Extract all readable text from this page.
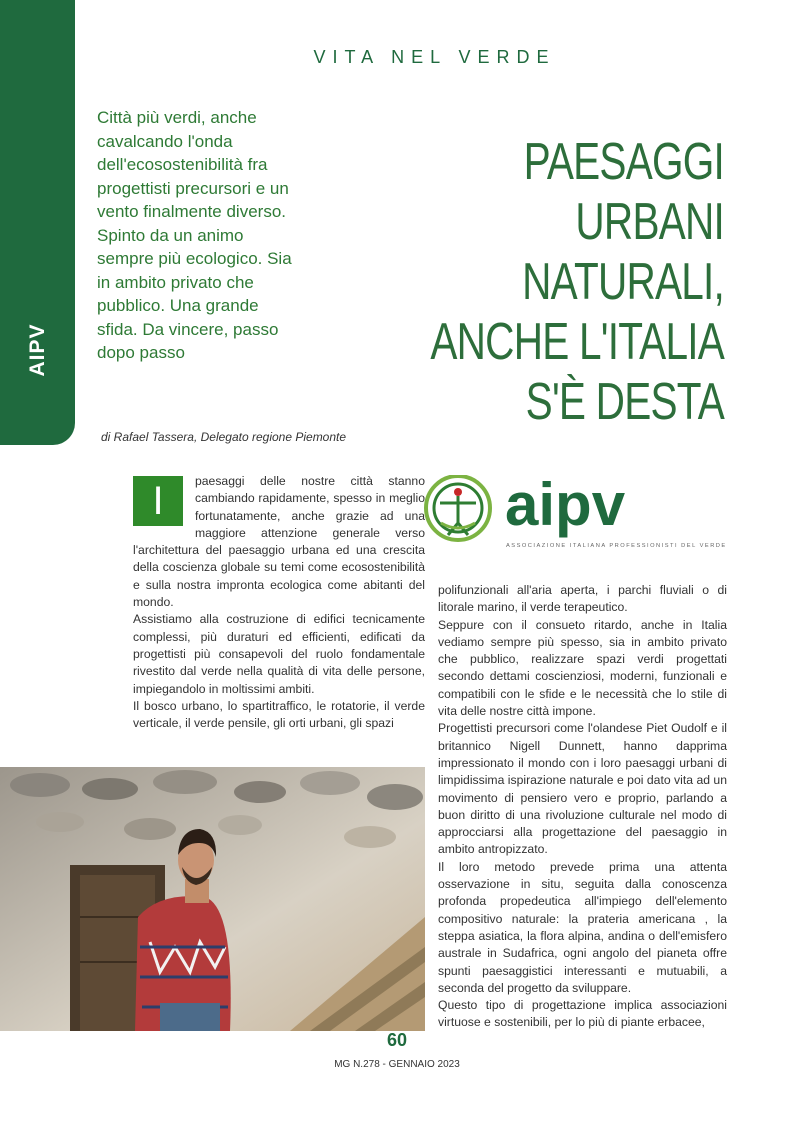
AIPV
VITA NEL VERDE
Città più verdi, anche cavalcando l'onda dell'ecosostenibilità fra progettisti precursori e un vento finalmente diverso. Spinto da un animo sempre più ecologico. Sia in ambito privato che pubblico. Una grande sfida. Da vincere, passo dopo passo
PAESAGGI
URBANI NATURALI,
ANCHE L'ITALIA
S'È DESTA
di Rafael Tassera, Delegato regione Piemonte

I	paesaggi delle nostre città stanno cambiando rapidamente, spesso in meglio fortunatamente, anche grazie ad una maggiore attenzione generale verso l'architettura del paesaggio urbana ed una crescita della coscienza globale su temi come ecosostenibilità e sulla nostra impronta ecologica come abitanti del mondo.

Assistiamo alla costruzione di edifici tecnicamente complessi, più duraturi ed efficienti, edificati da progettisti più consapevoli del ruolo fondamentale rivestito dal verde nella qualità di vita delle persone, impiegandolo in moltissimi ambiti.

Il bosco urbano, lo spartitraffico, le rotatorie, il verde verticale, il verde pensile, gli orti urbani, gli spazi

aipv
ASSOCIAZIONE ITALIANA PROFESSIONISTI DEL VERDE

polifunzionali all'aria aperta, i parchi fluviali o di litorale marino, il verde terapeutico.

Seppure con il consueto ritardo, anche in Italia vediamo sempre più spesso, sia in ambito privato che pubblico, realizzare spazi verdi progettati secondo dettami coscienziosi, moderni, funzionali e compatibili con le sfide e le necessità che lo stile di vita delle nostre città impone.

Progettisti precursori come l'olandese Piet Oudolf e il britannico Nigell Dunnett, hanno dapprima impressionato il mondo con i loro paesaggi urbani di limpidissima ispirazione naturale e poi dato vita ad un movimento di pensiero vero e proprio, parlando a buon diritto di una rivoluzione culturale nel modo di approcciarsi alla progettazione del paesaggio in ambito antropizzato.

Il loro metodo prevede prima una attenta osservazione in situ, seguita dalla conoscenza profonda propedeutica all'impiego dell'elemento compositivo naturale: la prateria americana , la steppa asiatica, la flora alpina, andina o dell'emisfero australe in Sudafrica, ogni angolo del pianeta offre spunti paesaggistici interessanti e mutuabili, a seconda del progetto da sviluppare.

Questo tipo di progettazione implica associazioni virtuose e sostenibili, per lo più di piante erbacee,

60
MG N.278 - GENNAIO 2023
